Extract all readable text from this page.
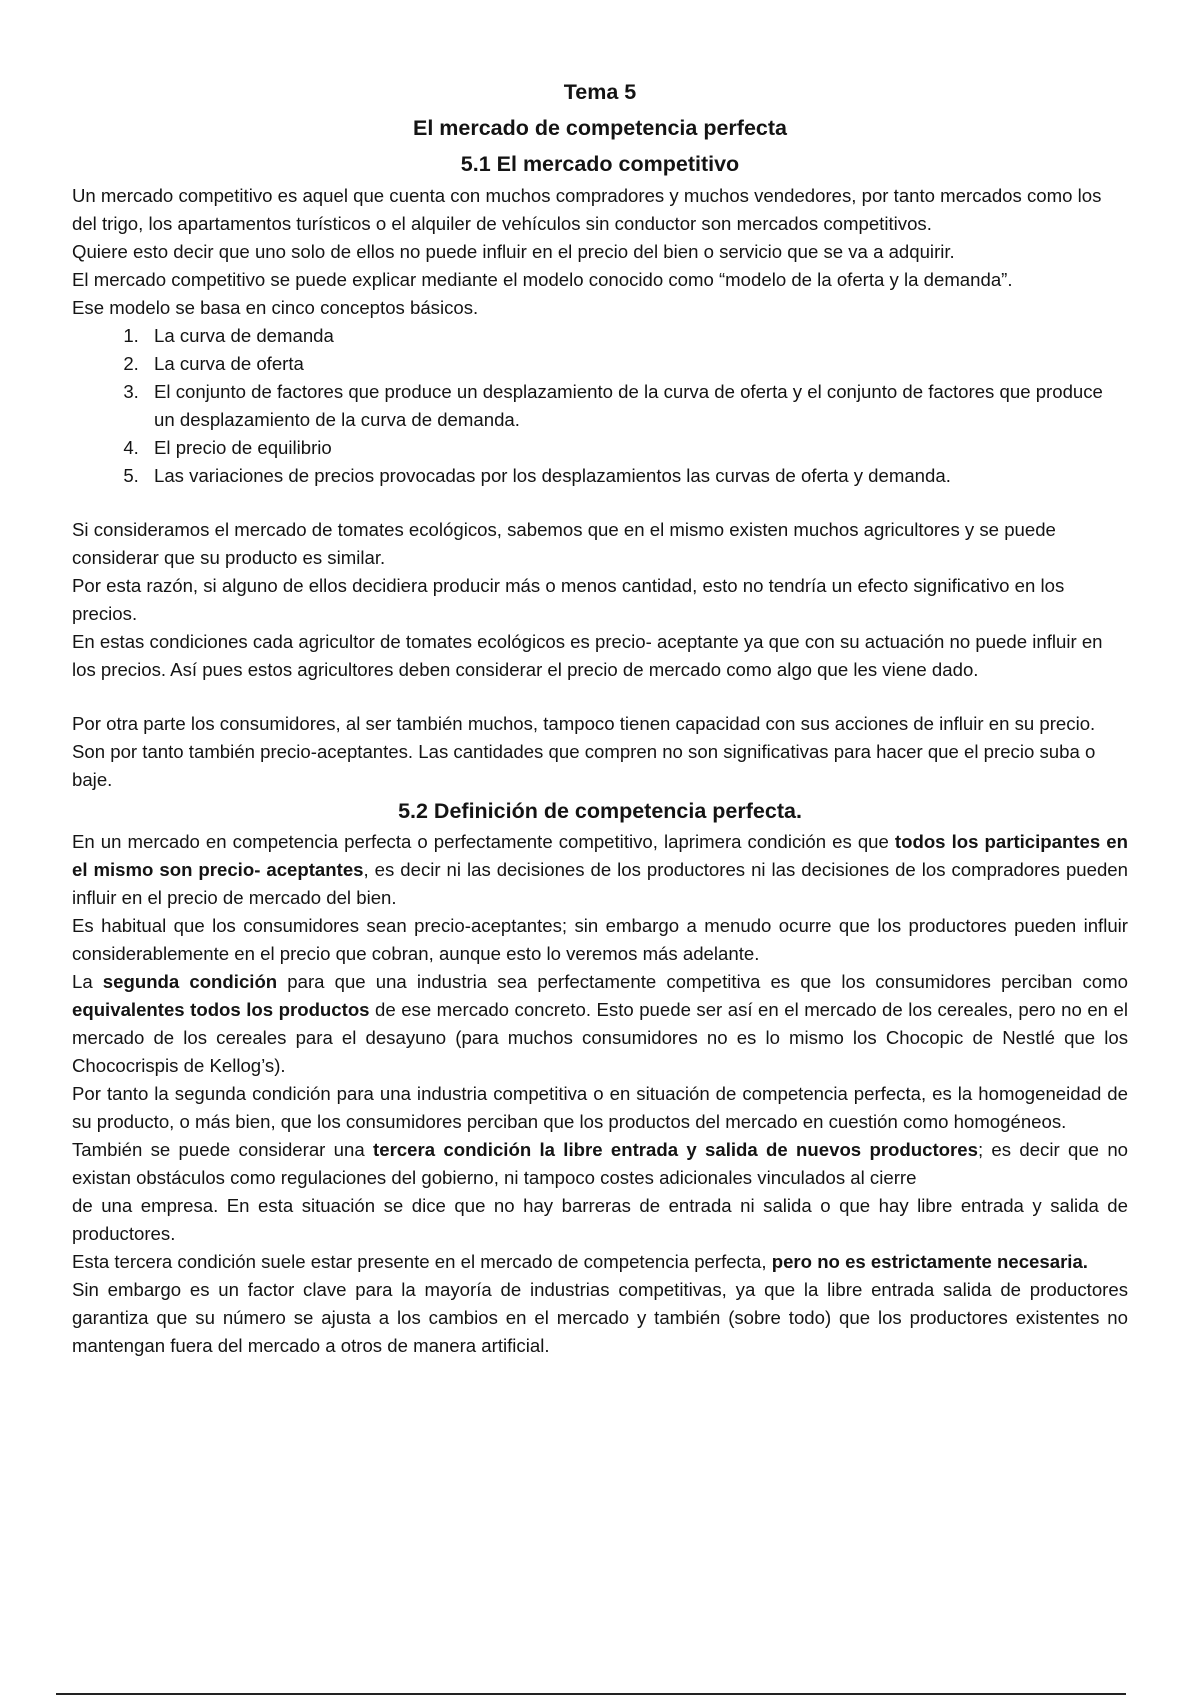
Tema 5
El mercado de competencia perfecta
5.1 El mercado competitivo

Un mercado competitivo es aquel que cuenta con muchos compradores y muchos vendedores, por tanto mercados como los del trigo, los apartamentos turísticos o el alquiler de vehículos sin conductor son mercados competitivos.

Quiere esto decir que uno solo de ellos no puede influir en el precio del bien o servicio que se va a adquirir.

El mercado competitivo se puede explicar mediante el modelo conocido como “modelo de la oferta y la demanda”.

Ese modelo se basa en cinco conceptos básicos.

1. La curva de demanda
2. La curva de oferta
3. El conjunto de factores que produce un desplazamiento de la curva de oferta y el conjunto de factores que produce un desplazamiento de la curva de demanda.
4. El precio de equilibrio
5. Las variaciones de precios provocadas por los desplazamientos las curvas de oferta y demanda.

Si consideramos el mercado de tomates ecológicos, sabemos que en el mismo existen muchos agricultores y se puede considerar que su producto es similar.

Por esta razón, si alguno de ellos decidiera producir más o menos cantidad, esto no tendría un efecto significativo en los precios.

En estas condiciones cada agricultor de tomates ecológicos es precio- aceptante ya que con su actuación no puede influir en los precios. Así pues estos agricultores deben considerar el precio de mercado como algo que les viene dado.

Por otra parte los consumidores, al ser también muchos, tampoco tienen capacidad con sus acciones de influir en su precio. Son por tanto también precio-aceptantes. Las cantidades que compren no son significativas para hacer que el precio suba o baje.

5.2 Definición de competencia perfecta.

En un mercado en competencia perfecta o perfectamente competitivo, laprimera condición es que todos los participantes en el mismo son precio- aceptantes, es decir ni las decisiones de los productores ni las decisiones de los compradores pueden influir en el precio de mercado del bien.

Es habitual que los consumidores sean precio-aceptantes; sin embargo a menudo ocurre que los productores pueden influir considerablemente en el precio que cobran, aunque esto lo veremos más adelante.

La segunda condición para que una industria sea perfectamente competitiva es que los consumidores perciban como equivalentes todos los productos de ese mercado concreto. Esto puede ser así en el mercado de los cereales, pero no en el mercado de los cereales para el desayuno (para muchos consumidores no es lo mismo los Chocopic de Nestlé que los Chococrispis de Kellog’s).

Por tanto la segunda condición para una industria competitiva o en situación de competencia perfecta, es la homogeneidad de su producto, o más bien, que los consumidores perciban que los productos del mercado en cuestión como homogéneos.

También se puede considerar una tercera condición la libre entrada y salida de nuevos productores; es decir que no existan obstáculos como regulaciones del gobierno, ni tampoco costes adicionales vinculados al cierre

de una empresa. En esta situación se dice que no hay barreras de entrada ni salida o que hay libre entrada y salida de productores.

Esta tercera condición suele estar presente en el mercado de competencia perfecta, pero no es estrictamente necesaria.

Sin embargo es un factor clave para la mayoría de industrias competitivas, ya que la libre entrada salida de productores garantiza que su número se ajusta a los cambios en el mercado y también (sobre todo) que los productores existentes no mantengan fuera del mercado a otros de manera artificial.
